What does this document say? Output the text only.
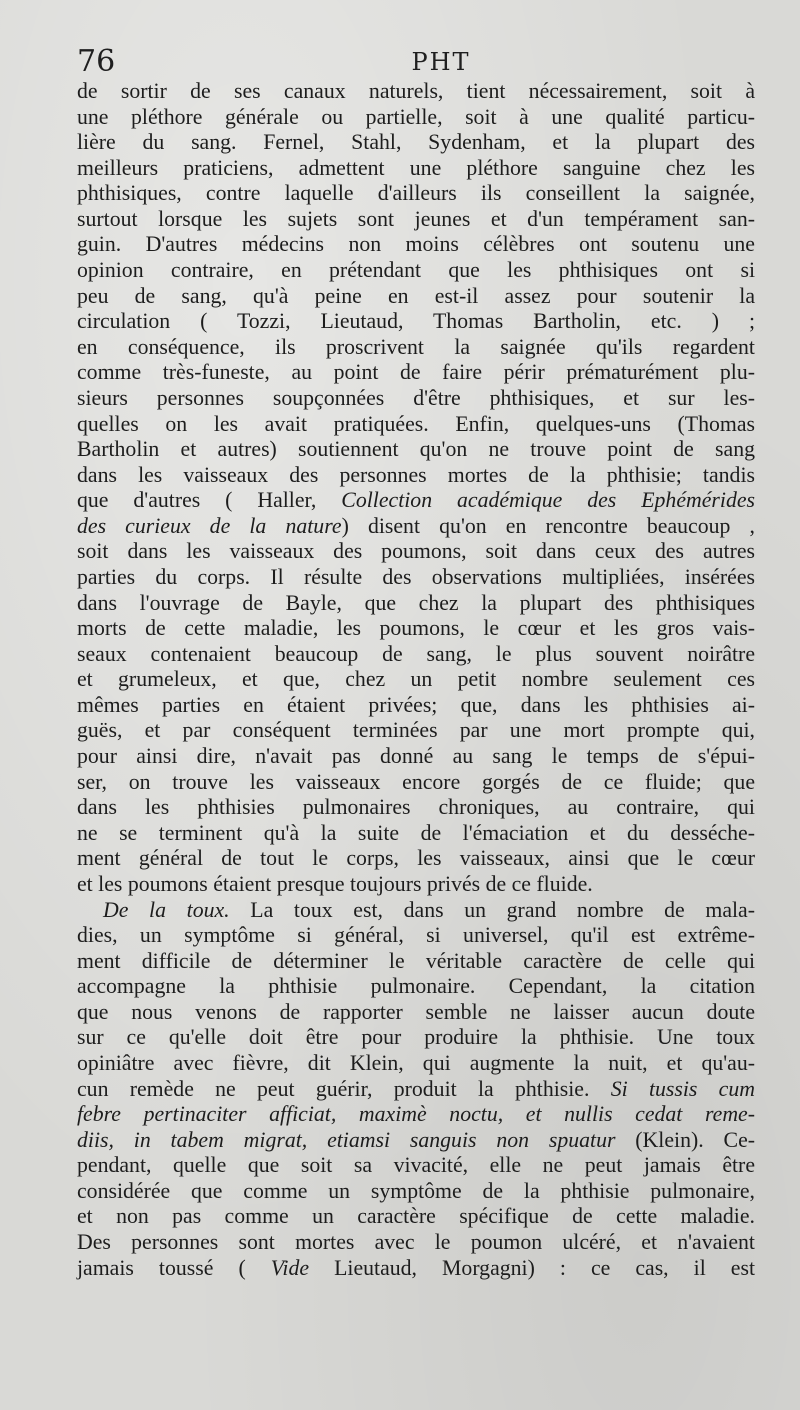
76	PHT
de sortir de ses canaux naturels, tient nécessairement, soit à
une pléthore générale ou partielle, soit à une qualité particu-
lière du sang. Fernel, Stahl, Sydenham, et la plupart des
meilleurs praticiens, admettent une pléthore sanguine chez les
phthisiques, contre laquelle d'ailleurs ils conseillent la saignée,
surtout lorsque les sujets sont jeunes et d'un tempérament san-
guin. D'autres médecins non moins célèbres ont soutenu une
opinion contraire, en prétendant que les phthisiques ont si
peu de sang, qu'à peine en est-il assez pour soutenir la
circulation ( Tozzi, Lieutaud, Thomas Bartholin, etc. ) ;
en conséquence, ils proscrivent la saignée qu'ils regardent
comme très-funeste, au point de faire périr prématurément plu-
sieurs personnes soupçonnées d'être phthisiques, et sur les-
quelles on les avait pratiquées. Enfin, quelques-uns (Thomas
Bartholin et autres) soutiennent qu'on ne trouve point de sang
dans les vaisseaux des personnes mortes de la phthisie; tandis
que d'autres ( Haller, Collection académique des Ephémérides
des curieux de la nature) disent qu'on en rencontre beaucoup ,
soit dans les vaisseaux des poumons, soit dans ceux des autres
parties du corps. Il résulte des observations multipliées, insérées
dans l'ouvrage de Bayle, que chez la plupart des phthisiques
morts de cette maladie, les poumons, le cœur et les gros vais-
seaux contenaient beaucoup de sang, le plus souvent noirâtre
et grumeleux, et que, chez un petit nombre seulement ces
mêmes parties en étaient privées; que, dans les phthisies ai-
guës, et par conséquent terminées par une mort prompte qui,
pour ainsi dire, n'avait pas donné au sang le temps de s'épui-
ser, on trouve les vaisseaux encore gorgés de ce fluide; que
dans les phthisies pulmonaires chroniques, au contraire, qui
ne se terminent qu'à la suite de l'émaciation et du desséche-
ment général de tout le corps, les vaisseaux, ainsi que le cœur
et les poumons étaient presque toujours privés de ce fluide.
De la toux. La toux est, dans un grand nombre de mala-
dies, un symptôme si général, si universel, qu'il est extrême-
ment difficile de déterminer le véritable caractère de celle qui
accompagne la phthisie pulmonaire. Cependant, la citation
que nous venons de rapporter semble ne laisser aucun doute
sur ce qu'elle doit être pour produire la phthisie. Une toux
opiniâtre avec fièvre, dit Klein, qui augmente la nuit, et qu'au-
cun remède ne peut guérir, produit la phthisie. Si tussis cum
febre pertinaciter afficiat, maximè noctu, et nullis cedat reme-
diis, in tabem migrat, etiamsi sanguis non spuatur (Klein). Ce-
pendant, quelle que soit sa vivacité, elle ne peut jamais être
considérée que comme un symptôme de la phthisie pulmonaire,
et non pas comme un caractère spécifique de cette maladie.
Des personnes sont mortes avec le poumon ulcéré, et n'avaient
jamais toussé ( Vide Lieutaud, Morgagni) : ce cas, il est
